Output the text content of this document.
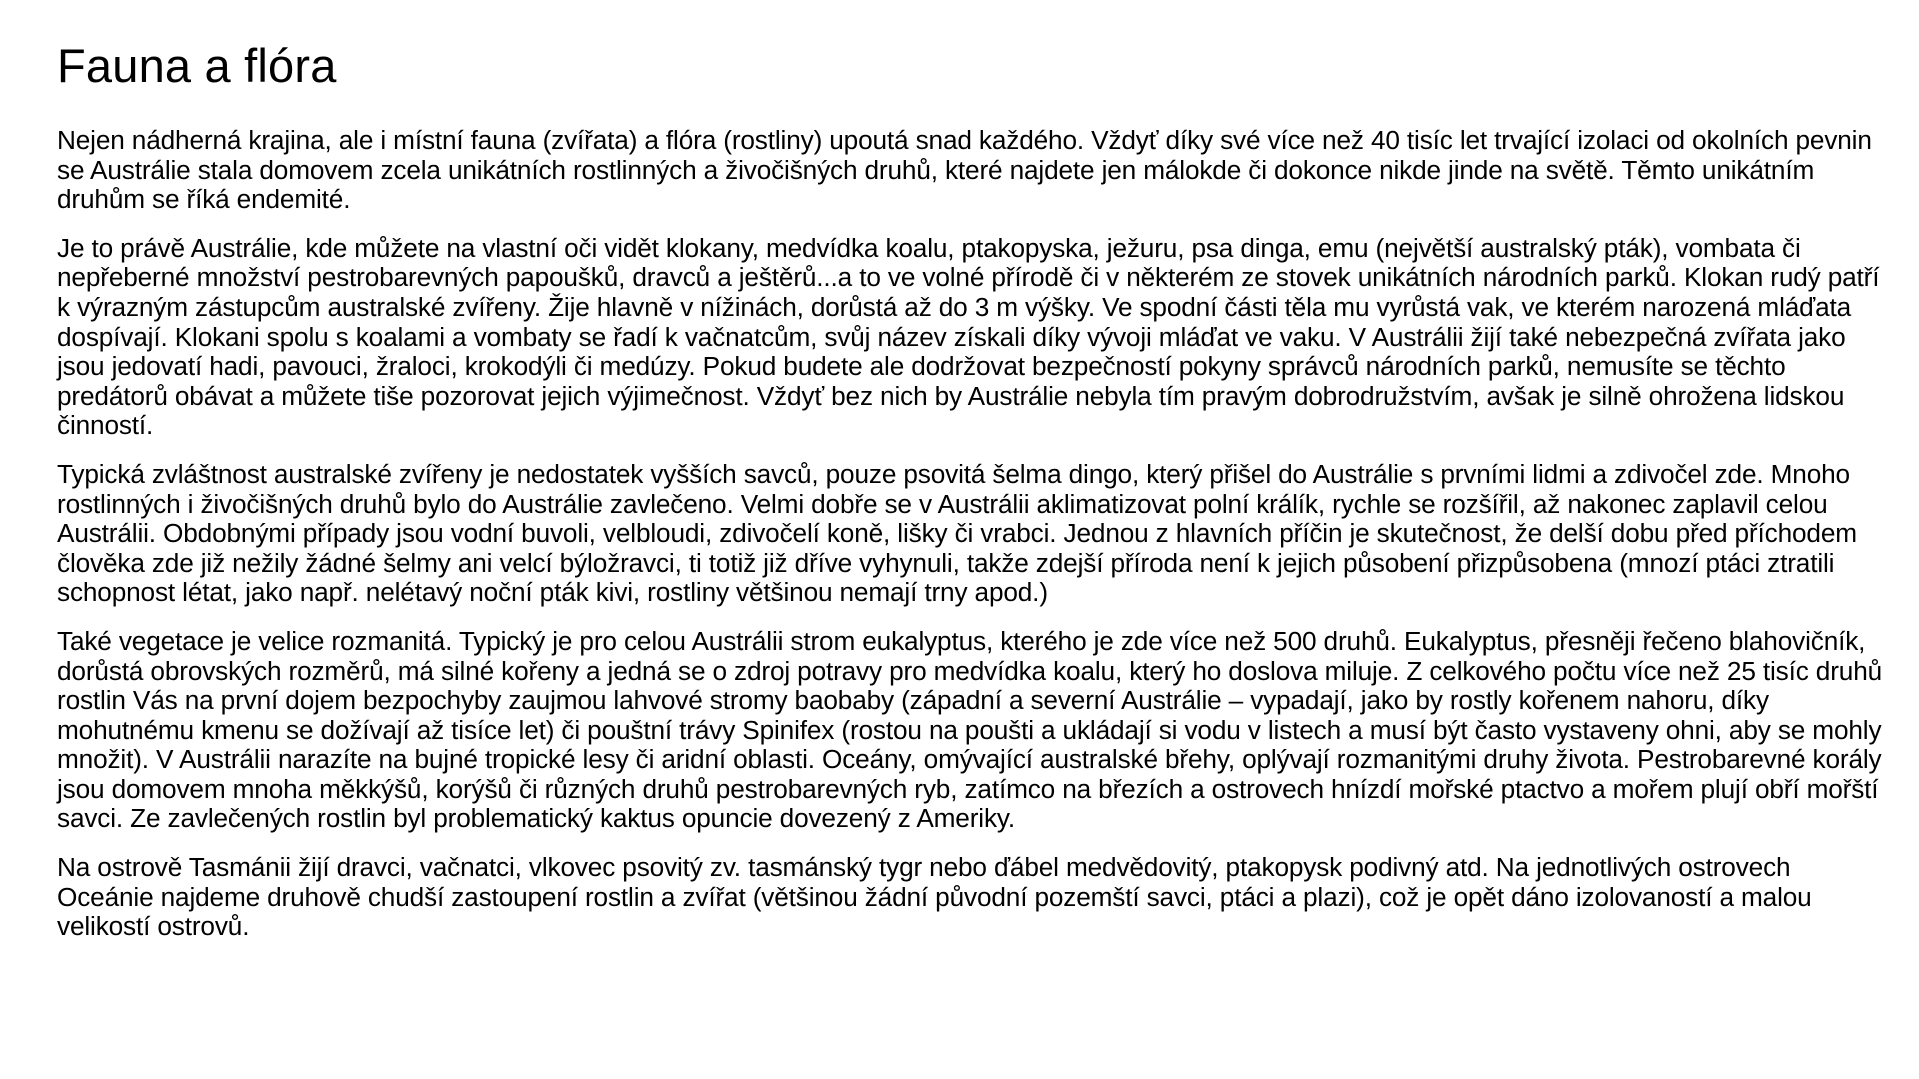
Fauna a flóra

Nejen nádherná krajina, ale i místní fauna (zvířata) a flóra (rostliny) upoutá snad každého. Vždyť díky své více než 40 tisíc let trvající izolaci od okolních pevnin se Austrálie stala domovem zcela unikátních rostlinných a živočišných druhů, které najdete jen málokde či dokonce nikde jinde na světě. Těmto unikátním druhům se říká endemité.

Je to právě Austrálie, kde můžete na vlastní oči vidět klokany, medvídka koalu, ptakopyska, ježuru, psa dinga, emu (největší australský pták), vombata či nepřeberné množství pestrobarevných papoušků, dravců a ještěrů...a to ve volné přírodě či v některém ze stovek unikátních národních parků. Klokan rudý patří k výrazným zástupcům australské zvířeny. Žije hlavně v nížinách, dorůstá až do 3 m výšky. Ve spodní části těla mu vyrůstá vak, ve kterém narozená mláďata dospívají. Klokani spolu s koalami a vombaty se řadí k vačnatcům, svůj název získali díky vývoji mláďat ve vaku. V Austrálii žijí také nebezpečná zvířata jako jsou jedovatí hadi, pavouci, žraloci, krokodýli či medúzy. Pokud budete ale dodržovat bezpečností pokyny správců národních parků, nemusíte se těchto predátorů obávat a můžete tiše pozorovat jejich výjimečnost. Vždyť bez nich by Austrálie nebyla tím pravým dobrodružstvím, avšak je silně ohrožena lidskou činností.

Typická zvláštnost australské zvířeny je nedostatek vyšších savců, pouze psovitá šelma dingo, který přišel do Austrálie s prvními lidmi a zdivočel zde. Mnoho rostlinných i živočišných druhů bylo do Austrálie zavlečeno. Velmi dobře se v Austrálii aklimatizovat polní králík, rychle se rozšířil, až nakonec zaplavil celou Austrálii. Obdobnými případy jsou vodní buvoli, velbloudi, zdivočelí koně, lišky či vrabci. Jednou z hlavních příčin je skutečnost, že delší dobu před příchodem člověka zde již nežily žádné šelmy ani velcí býložravci, ti totiž již dříve vyhynuli, takže zdejší příroda není k jejich působení přizpůsobena (mnozí ptáci ztratili schopnost létat, jako např. nelétavý noční pták kivi, rostliny většinou nemají trny apod.)

Také vegetace je velice rozmanitá. Typický je pro celou Austrálii strom eukalyptus, kterého je zde více než 500 druhů. Eukalyptus, přesněji řečeno blahovičník, dorůstá obrovských rozměrů, má silné kořeny a jedná se o zdroj potravy pro medvídka koalu, který ho doslova miluje. Z celkového počtu více než 25 tisíc druhů rostlin Vás na první dojem bezpochyby zaujmou lahvové stromy baobaby (západní a severní Austrálie – vypadají, jako by rostly kořenem nahoru, díky mohutnému kmenu se dožívají až tisíce let) či pouštní trávy Spinifex (rostou na poušti a ukládají si vodu v listech a musí být často vystaveny ohni, aby se mohly množit). V Austrálii narazíte na bujné tropické lesy či aridní oblasti. Oceány, omývající australské břehy, oplývají rozmanitými druhy života. Pestrobarevné korály jsou domovem mnoha měkkýšů, korýšů či různých druhů pestrobarevných ryb, zatímco na březích a ostrovech hnízdí mořské ptactvo a mořem plují obří mořští savci. Ze zavlečených rostlin byl problematický kaktus opuncie dovezený z Ameriky.

Na ostrově Tasmánii žijí dravci, vačnatci, vlkovec psovitý zv. tasmánský tygr nebo ďábel medvědovitý, ptakopysk podivný atd. Na jednotlivých ostrovech Oceánie najdeme druhově chudší zastoupení rostlin a zvířat (většinou žádní původní pozemští savci, ptáci a plazi), což je opět dáno izolovaností a malou velikostí ostrovů.
